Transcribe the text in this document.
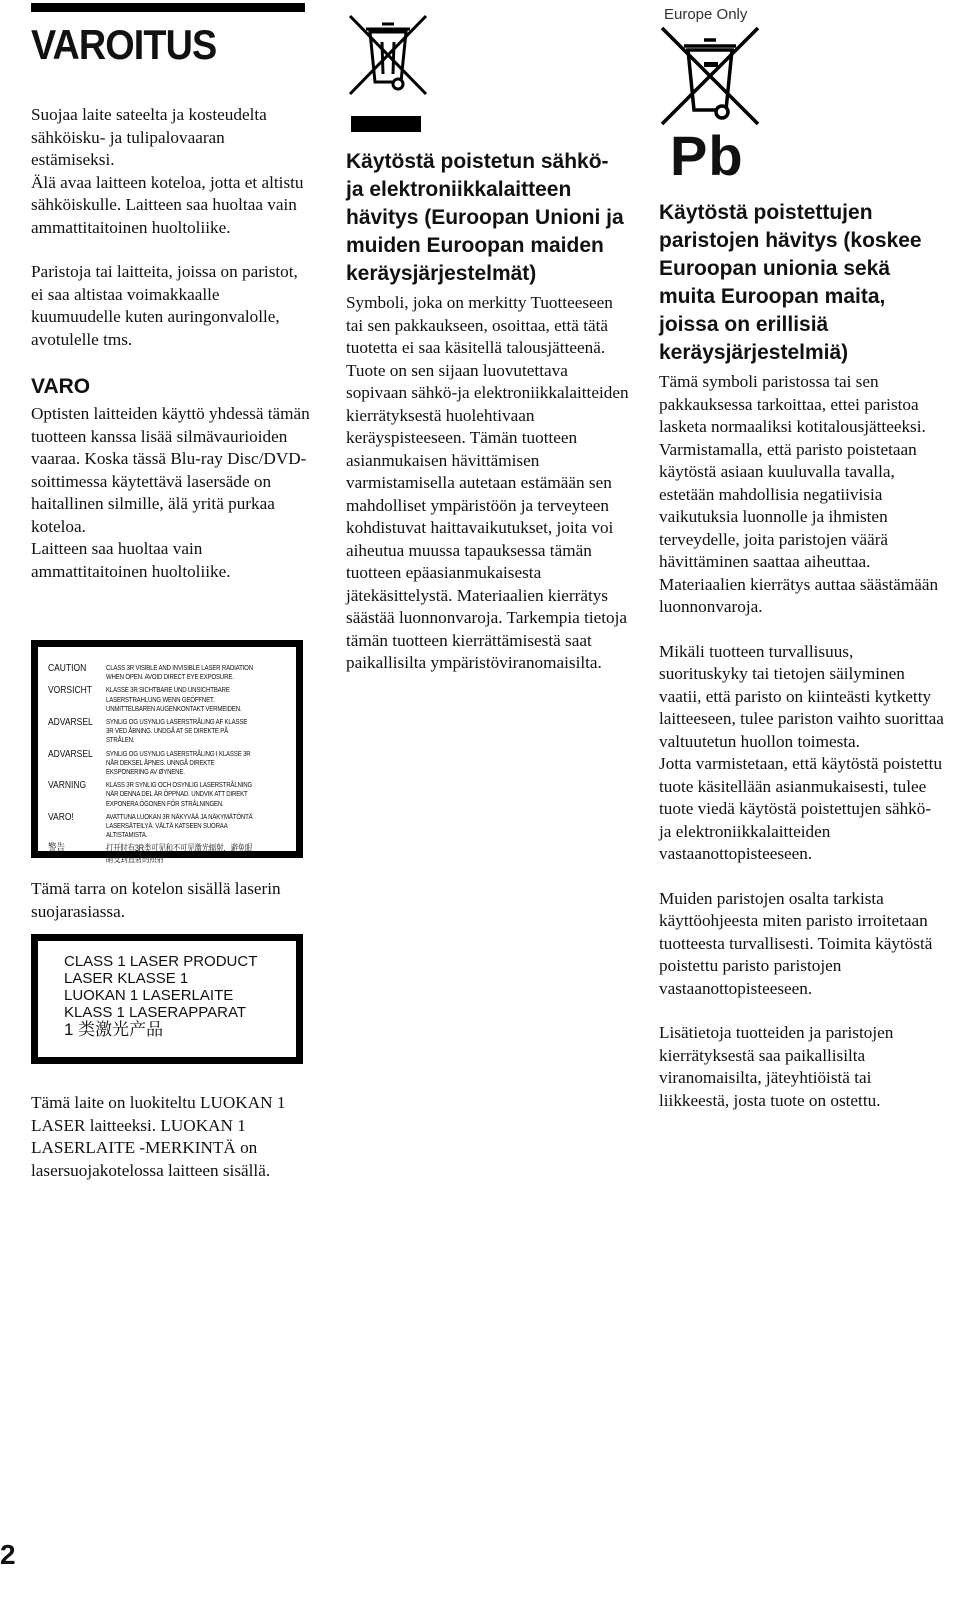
VAROITUS

Suojaa laite sateelta ja kosteudelta sähköisku- ja tulipalovaaran estämiseksi.

Älä avaa laitteen koteloa, jotta et altistu sähköiskulle. Laitteen saa huoltaa vain ammattitaitoinen huoltoliike.

Paristoja tai laitteita, joissa on paristot, ei saa altistaa voimakkaalle kuumuudelle kuten auringonvalolle, avotulelle tms.

VARO

Optisten laitteiden käyttö yhdessä tämän tuotteen kanssa lisää silmävaurioiden vaaraa. Koska tässä Blu-ray Disc/DVD-soittimessa käytettävä lasersäde on haitallinen silmille, älä yritä purkaa koteloa.

Laitteen saa huoltaa vain ammattitaitoinen huoltoliike.

CAUTION	CLASS 3R VISIBLE AND INVISIBLE LASER RADIATION WHEN OPEN. AVOID DIRECT EYE EXPOSURE.
VORSICHT	KLASSE 3R SICHTBARE UND UNSICHTBARE LASERSTRAHLUNG WENN GEÖFFNET. UNMITTELBAREN AUGENKONTAKT VERMEIDEN.
ADVARSEL	SYNLIG OG USYNLIG LASERSTRÅLING AF KLASSE 3R VED ÅBNING. UNDGÅ AT SE DIREKTE PÅ STRÅLEN.
ADVARSEL	SYNLIG OG USYNLIG LASERSTRÅLING I KLASSE 3R NÅR DEKSEL ÅPNES. UNNGÅ DIREKTE EKSPONERING AV ØYNENE.
VARNING	KLASS 3R SYNLIG OCH OSYNLIG LASERSTRÅLNING NÄR DENNA DEL ÄR ÖPPNAD. UNDVIK ATT DIREKT EXPONERA ÖGONEN FÖR STRÅLNINGEN.
VARO!	AVATTUNA LUOKAN 3R NÄKYVÄÄ JA NÄKYMÄTÖNTÄ LASERSÄTEILYÄ. VÄLTÄ KATSEEN SUORAA ALTISTAMISTA.
警告	打开时有3R类可见和不可见激光辐射，避免眼睛受到直射的照射

Tämä tarra on kotelon sisällä laserin suojarasiassa.

CLASS 1 LASER PRODUCT
LASER KLASSE 1
LUOKAN 1 LASERLAITE
KLASS 1 LASERAPPARAT
1 类激光产品

Tämä laite on luokiteltu LUOKAN 1 LASER laitteeksi. LUOKAN 1 LASERLAITE -MERKINTÄ on lasersuojakotelossa laitteen sisällä.

Käytöstä poistetun sähkö- ja elektroniikkalaitteen hävitys (Euroopan Unioni ja muiden Euroopan maiden keräysjärjestelmät)

Symboli, joka on merkitty Tuotteeseen tai sen pakkaukseen, osoittaa, että tätä tuotetta ei saa käsitellä talousjätteenä. Tuote on sen sijaan luovutettava sopivaan sähkö-ja elektroniikkalaitteiden kierrätyksestä huolehtivaan keräyspisteeseen. Tämän tuotteen asianmukaisen hävittämisen varmistamisella autetaan estämään sen mahdolliset ympäristöön ja terveyteen kohdistuvat haittavaikutukset, joita voi aiheutua muussa tapauksessa tämän tuotteen epäasianmukaisesta jätekäsittelystä. Materiaalien kierrätys säästää luonnonvaroja. Tarkempia tietoja tämän tuotteen kierrättämisestä saat paikallisilta ympäristöviranomaisilta.

Europe Only
Pb
Käytöstä poistettujen paristojen hävitys (koskee Euroopan unionia sekä muita Euroopan maita, joissa on erillisiä keräysjärjestelmiä)

Tämä symboli paristossa tai sen pakkauksessa tarkoittaa, ettei paristoa lasketa normaaliksi kotitalousjätteeksi.

Varmistamalla, että paristo poistetaan käytöstä asiaan kuuluvalla tavalla, estetään mahdollisia negatiivisia vaikutuksia luonnolle ja ihmisten terveydelle, joita paristojen väärä hävittäminen saattaa aiheuttaa. Materiaalien kierrätys auttaa säästämään luonnonvaroja.

Mikäli tuotteen turvallisuus, suorituskyky tai tietojen säilyminen vaatii, että paristo on kiinteästi kytketty laitteeseen, tulee pariston vaihto suorittaa valtuutetun huollon toimesta.

Jotta varmistetaan, että käytöstä poistettu tuote käsitellään asianmukaisesti, tulee tuote viedä käytöstä poistettujen sähkö- ja elektroniikkalaitteiden vastaanottopisteeseen.

Muiden paristojen osalta tarkista käyttöohjeesta miten paristo irroitetaan tuotteesta turvallisesti. Toimita käytöstä poistettu paristo paristojen vastaanottopisteeseen.

Lisätietoja tuotteiden ja paristojen kierrätyksestä saa paikallisilta viranomaisilta, jäteyhtiöistä tai liikkeestä, josta tuote on ostettu.

2
